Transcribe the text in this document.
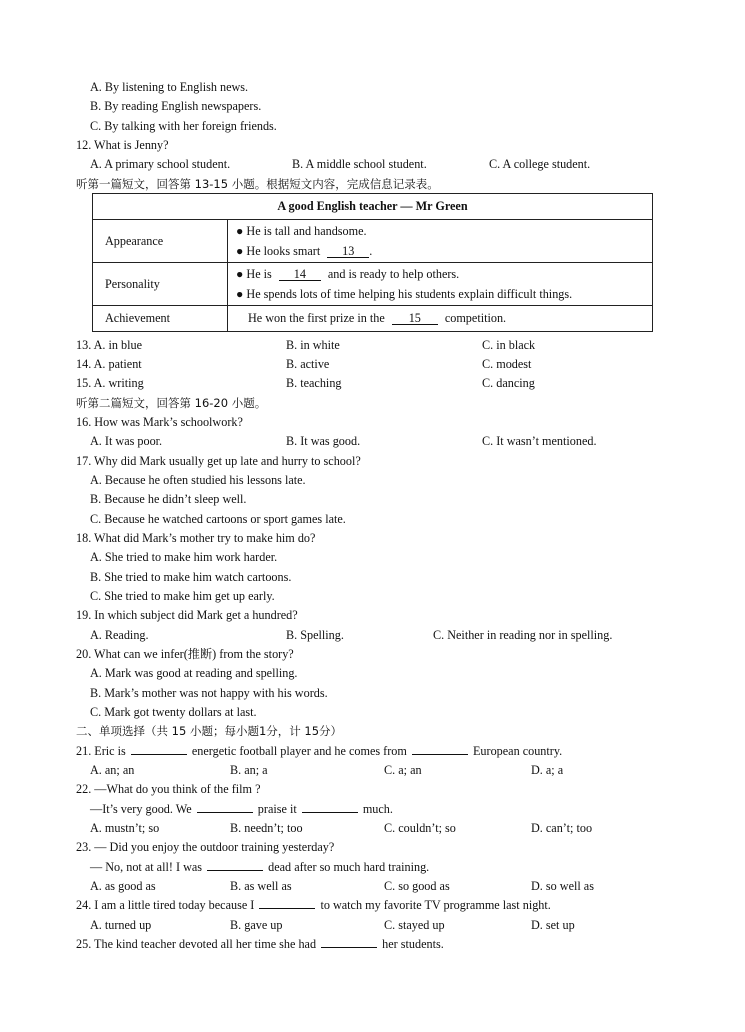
A. By listening to English news.
B. By reading English newspapers.
C. By talking with her foreign friends.
12. What is Jenny?
A. A primary school student.	B. A middle school student.	C. A college student.
听第一篇短文，回答第 13-15 小题。根据短文内容，完成信息记录表。
A good English teacher — Mr Green	
Appearance	● He is tall and handsome.
● He looks smart 13 .

Personality	● He is 14 and is ready to help others.
● He spends lots of time helping his students explain difficult things.

Achievement	He won the first prize in the 15 competition.
13. A. in blue	B. in white	C. in black
14. A. patient	B. active	C. modest
15. A. writing	B. teaching	C. dancing
听第二篇短文，回答第 16-20 小题。
16. How was Mark’s schoolwork?
A. It was poor.	B. It was good.	C. It wasn’t mentioned.
17. Why did Mark usually get up late and hurry to school?
A. Because he often studied his lessons late.
B. Because he didn’t sleep well.
C. Because he watched cartoons or sport games late.
18. What did Mark’s mother try to make him do?
A. She tried to make him work harder.
B. She tried to make him watch cartoons.
C. She tried to make him get up early.
19. In which subject did Mark get a hundred?
A. Reading.	B. Spelling.	C. Neither in reading nor in spelling.
20. What can we infer(推断) from the story?
A. Mark was good at reading and spelling.
B. Mark’s mother was not happy with his words.
C. Mark got twenty dollars at last.
二、单项选择（共 15 小题；每小题1分，计 15分）
21. Eric is	energetic football player and he comes from	European country.
A. an; an	B. an; a	C. a; an	D. a; a
22. —What do you think of the film ?
—It’s very good. We	praise it	much.
A. mustn’t; so	B. needn’t; too	C. couldn’t; so	D. can’t; too
23. — Did you enjoy the outdoor training yesterday?
— No, not at all! I was	dead after so much hard training.
A. as good as	B. as well as	C. so good as	D. so well as
24. I am a little tired today because I	to watch my favorite TV programme last night.
A. turned up	B. gave up	C. stayed up	D. set up
25. The kind teacher devoted all her time she had	her students.
